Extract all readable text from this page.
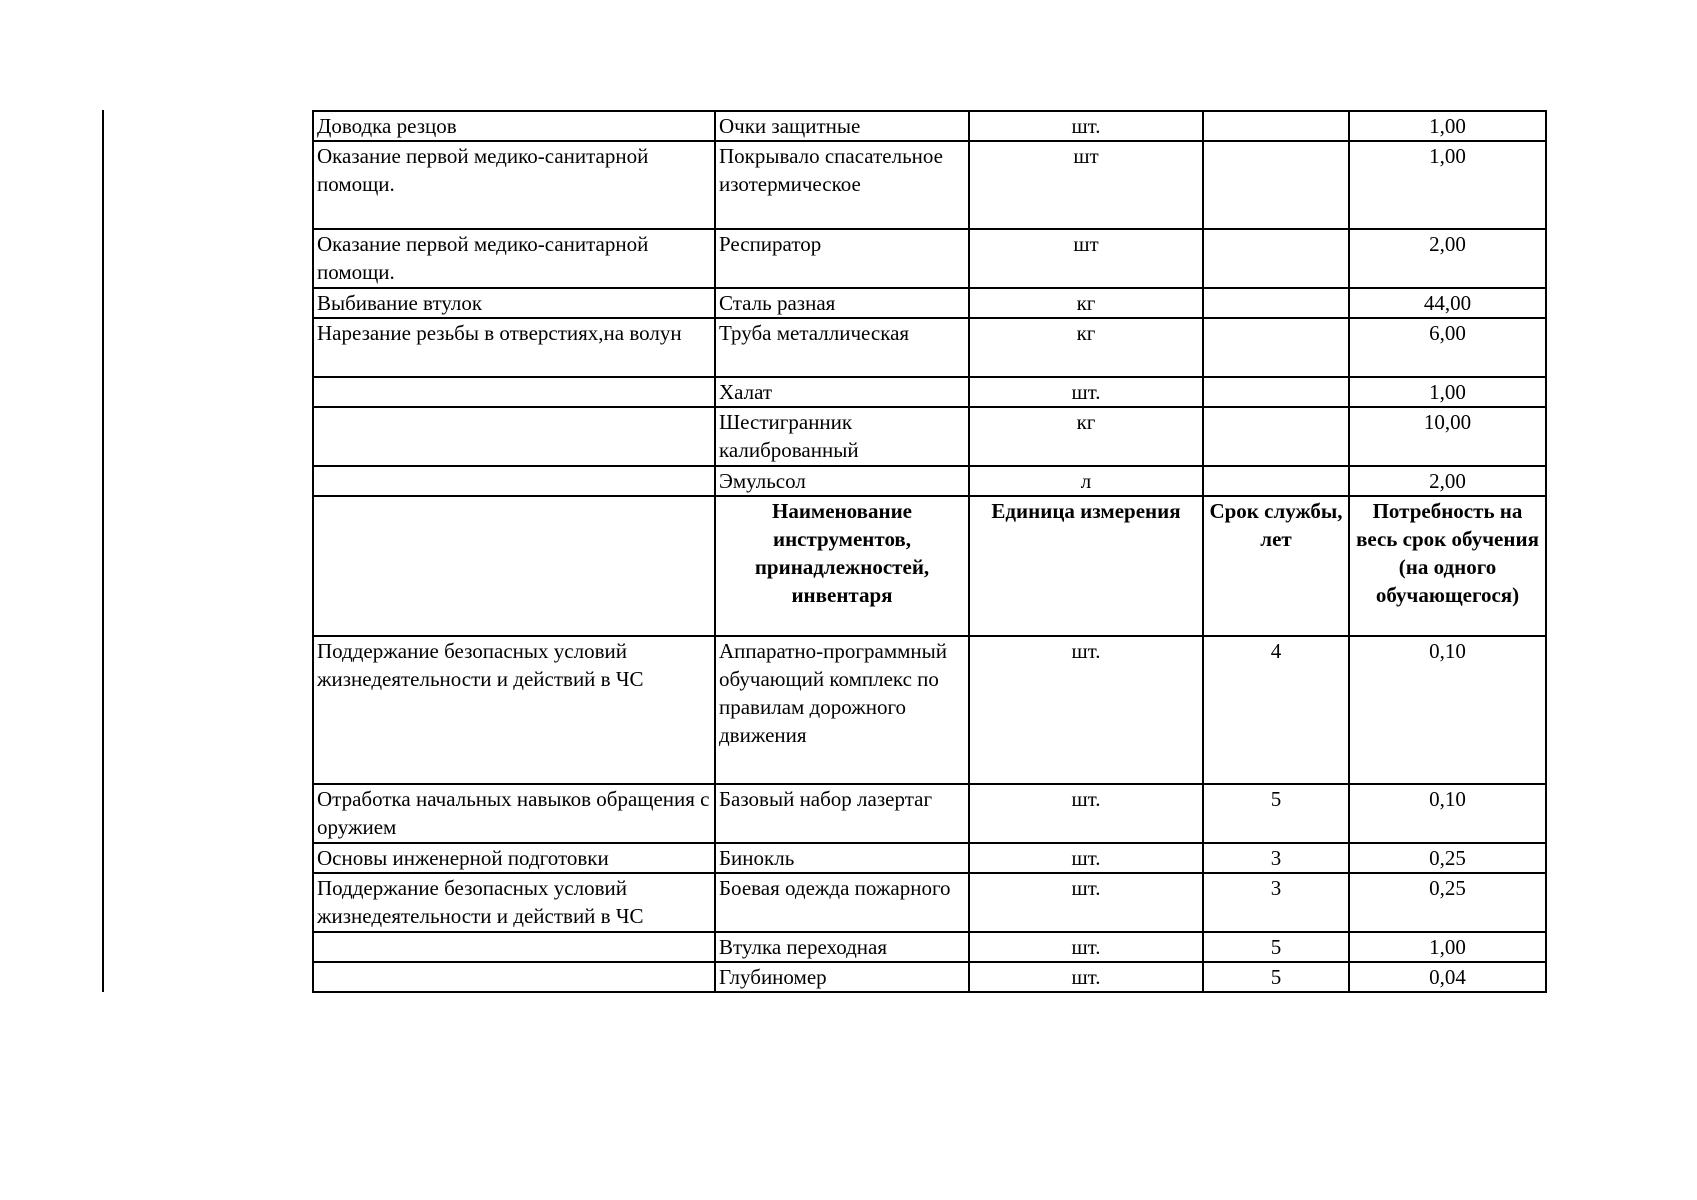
Доводка резцов	Очки защитные	шт.		1,00
Оказание первой медико-санитарной помощи.	Покрывало спасательное изотермическое	шт		1,00
Оказание первой медико-санитарной помощи.	Респиратор	шт		2,00
Выбивание втулок	Сталь разная	кг		44,00
Нарезание резьбы в отверстиях,на волун	Труба металлическая	кг		6,00
	Халат	шт.		1,00
	Шестигранник калиброванный	кг		10,00
	Эмульсол	л		2,00
	Наименование инструментов, принадлежностей, инвентаря	Единица измерения	Срок службы, лет	Потребность на весь срок обучения (на одного обучающегося)
Поддержание безопасных условий жизнедеятельности и действий в ЧС	Аппаратно-программный обучающий комплекс по правилам дорожного движения	шт.	4	0,10
Отработка начальных навыков обращения с оружием	Базовый набор лазертаг	шт.	5	0,10
Основы инженерной подготовки	Бинокль	шт.	3	0,25
Поддержание безопасных условий жизнедеятельности и действий в ЧС	Боевая одежда пожарного	шт.	3	0,25
	Втулка переходная	шт.	5	1,00
	Глубиномер	шт.	5	0,04
